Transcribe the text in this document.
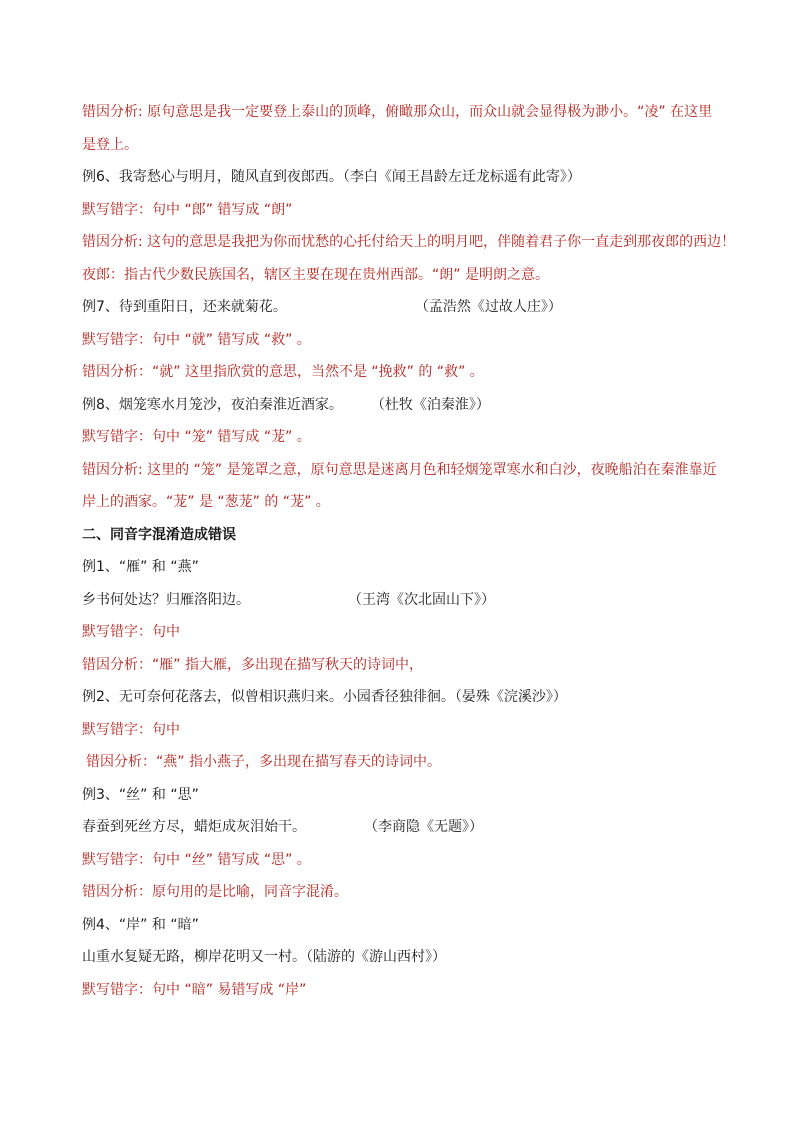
错因分析: 原句意思是我一定要登上泰山的顶峰，俯瞰那众山，而众山就会显得极为渺小。“凌” 在这里是登上。
例6、我寄愁心与明月，随风直到夜郎西。（李白《闻王昌龄左迁龙标遥有此寄》）
默写错字：句中 “郎” 错写成 “朗”
错因分析: 这句的意思是我把为你而忧愁的心托付给天上的明月吧，伴随着君子你一直走到那夜郎的西边！
夜郎：指古代少数民族国名，辖区主要在现在贵州西部。“朗” 是明朗之意。
例7、待到重阳日，还来就菊花。	（孟浩然《过故人庄》）
默写错字：句中 “就” 错写成 “救” 。
错因分析：“就” 这里指欣赏的意思，当然不是 “挽救” 的 “救” 。
例8、烟笼寒水月笼沙，夜泊秦淮近酒家。 （杜牧《泊秦淮》）
默写错字：句中 “笼” 错写成 “茏” 。
错因分析: 这里的 “笼” 是笼罩之意，原句意思是迷离月色和轻烟笼罩寒水和白沙，夜晚船泊在秦淮靠近岸上的酒家。“茏” 是 “葱茏” 的 “茏” 。
二、同音字混淆造成错误
例1、“雁” 和 “燕”
乡书何处达？归雁洛阳边。	（王湾《次北固山下》）
默写错字：句中
错因分析：“雁” 指大雁，多出现在描写秋天的诗词中，
例2、无可奈何花落去，似曾相识燕归来。小园香径独徘徊。（晏殊《浣溪沙》）
默写错字：句中
错因分析：“燕” 指小燕子，多出现在描写春天的诗词中。
例3、“丝” 和 “思”
春蚕到死丝方尽，蜡炬成灰泪始干。	（李商隐《无题》）
默写错字：句中 “丝” 错写成 “思” 。
错因分析：原句用的是比喻，同音字混淆。
例4、“岸” 和 “暗”
山重水复疑无路，柳岸花明又一村。（陆游的《游山西村》）
默写错字：句中 “暗” 易错写成 “岸”
